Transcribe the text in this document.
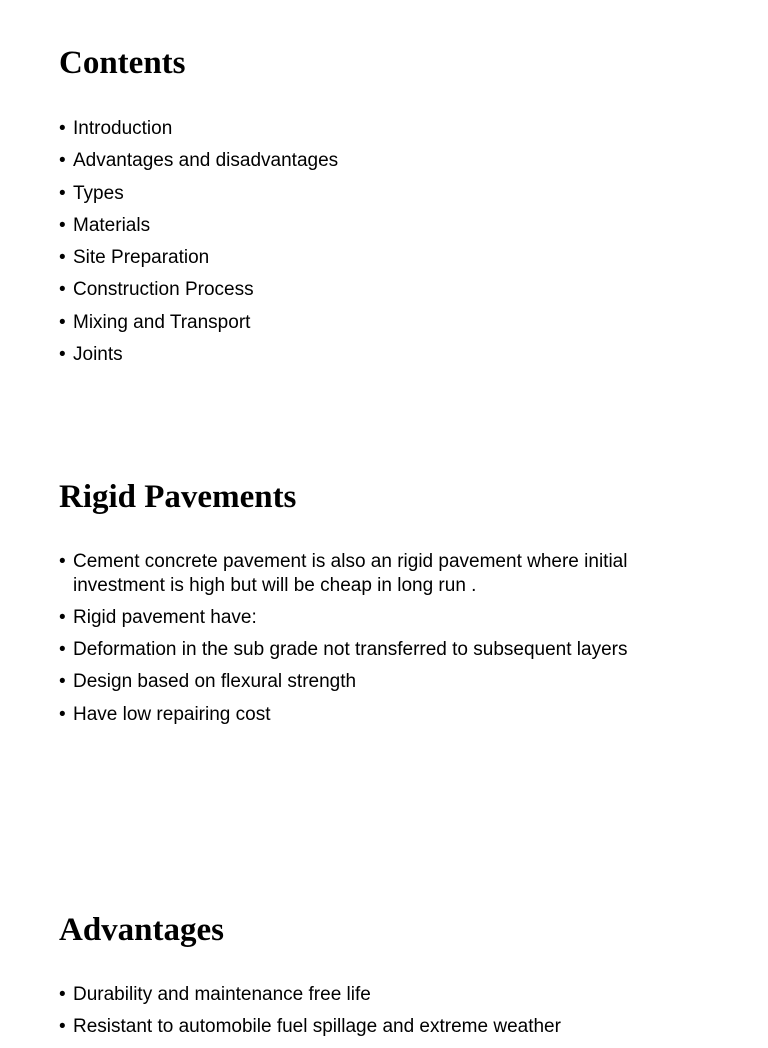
Contents
• Introduction
• Advantages and disadvantages
• Types
• Materials
• Site Preparation
• Construction Process
• Mixing and Transport
• Joints
Rigid Pavements
• Cement concrete pavement is also an rigid pavement where initial investment is high but will be cheap in long run .
• Rigid pavement have:
• Deformation in the sub grade not transferred to subsequent layers
• Design based on flexural strength
• Have low repairing cost
Advantages
• Durability and maintenance free life
• Resistant to automobile fuel spillage and extreme weather
